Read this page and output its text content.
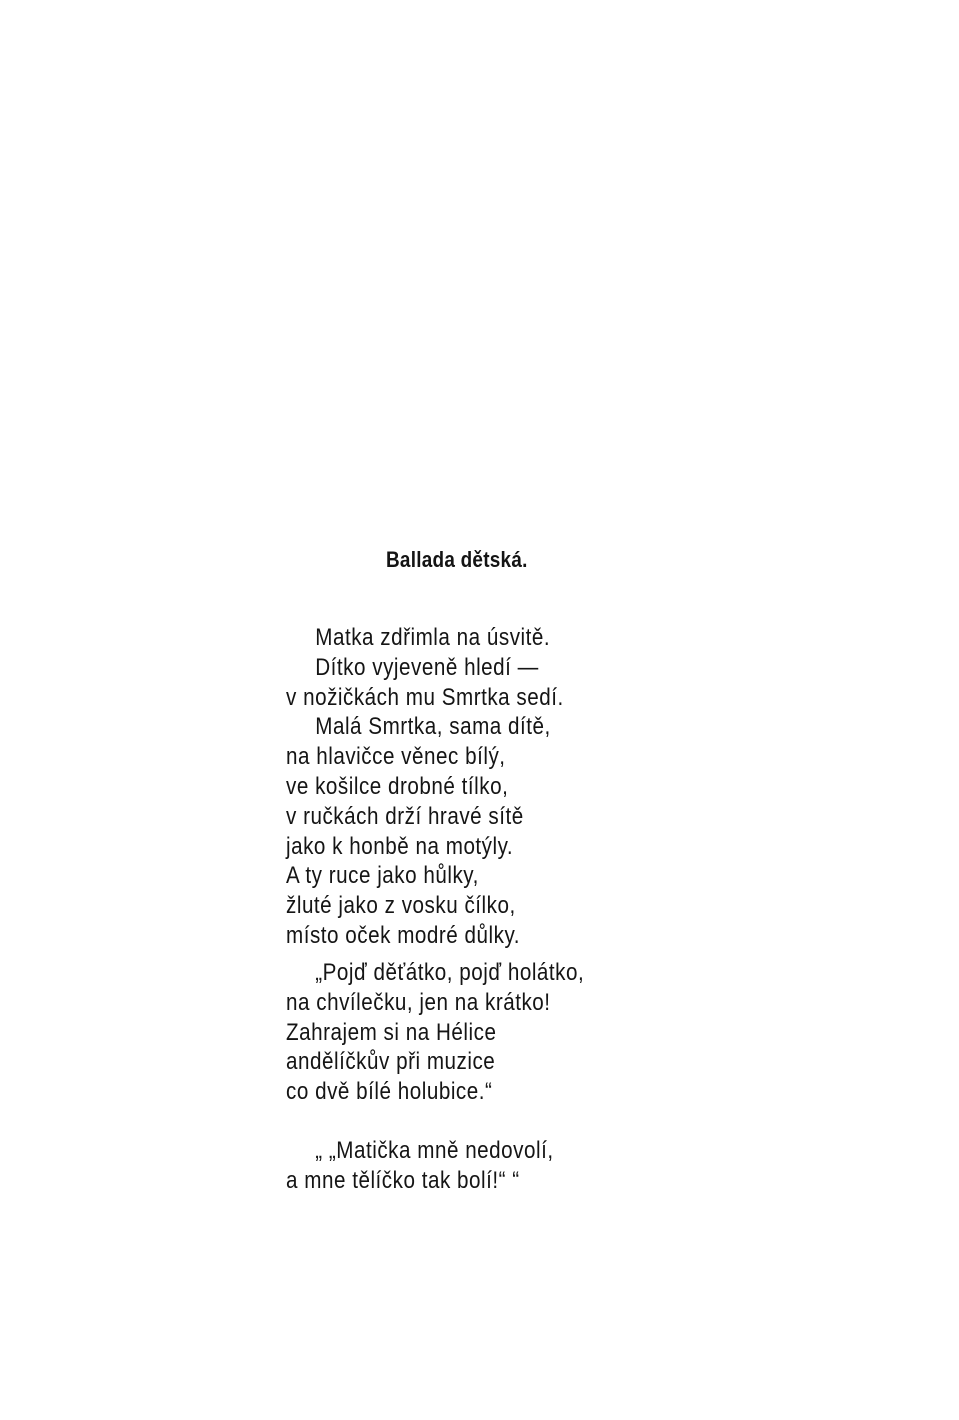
Ballada dětská.
Matka zdřimla na úsvitě.
Dítko vyjeveně hledí —
v nožičkách mu Smrtka sedí.
Malá Smrtka, sama dítě,
na hlavičce věnec bílý,
ve košilce drobné tílko,
v ručkách drží hravé sítě
jako k honbě na motýly.
A ty ruce jako hůlky,
žluté jako z vosku čílko,
místo oček modré důlky.
„Pojď děťátko, pojď holátko,
na chvílečku, jen na krátko!
Zahrajem si na Hélice
andělíčkův při muzice
co dvě bílé holubice.“
„ „Matička mně nedovolí,
a mne tělíčko tak bolí!“ “
